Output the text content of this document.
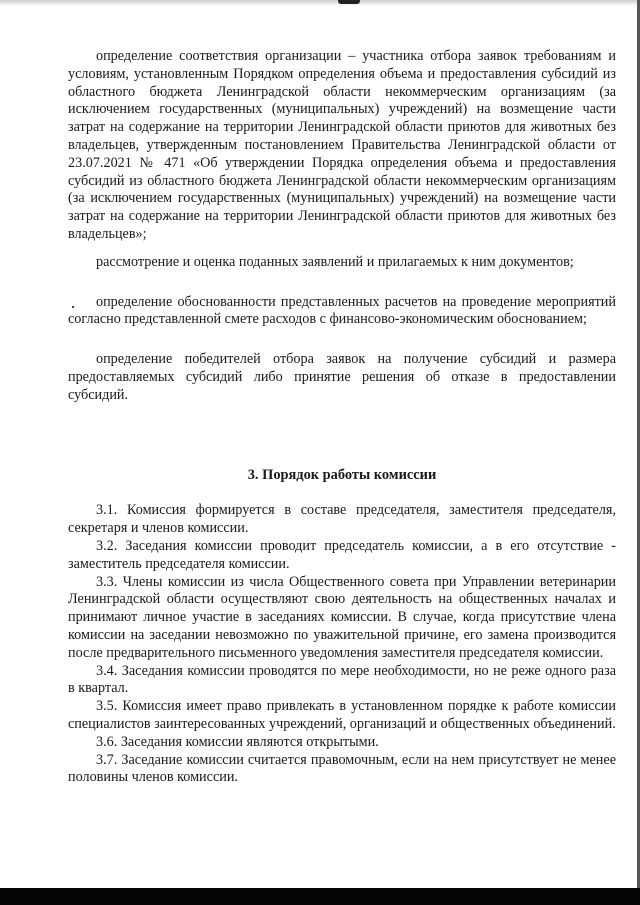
определение соответствия организации – участника отбора заявок требованиям и условиям, установленным Порядком определения объема и предоставления субсидий из областного бюджета Ленинградской области некоммерческим организациям (за исключением государственных (муниципальных) учреждений) на возмещение части затрат на содержание на территории Ленинградской области приютов для животных без владельцев, утвержденным постановлением Правительства Ленинградской области от 23.07.2021 № 471 «Об утверждении Порядка определения объема и предоставления субсидий из областного бюджета Ленинградской области некоммерческим организациям (за исключением государственных (муниципальных) учреждений) на возмещение части затрат на содержание на территории Ленинградской области приютов для животных без владельцев»;

рассмотрение и оценка поданных заявлений и прилагаемых к ним документов;

определение обоснованности представленных расчетов на проведение мероприятий согласно представленной смете расходов с финансово-экономическим обоснованием;

определение победителей отбора заявок на получение субсидий и размера предоставляемых субсидий либо принятие решения об отказе в предоставлении субсидий.

3. Порядок работы комиссии

3.1. Комиссия формируется в составе председателя, заместителя председателя, секретаря и членов комиссии.

3.2. Заседания комиссии проводит председатель комиссии, а в его отсутствие - заместитель председателя комиссии.

3.3. Члены комиссии из числа Общественного совета при Управлении ветеринарии Ленинградской области осуществляют свою деятельность на общественных началах и принимают личное участие в заседаниях комиссии. В случае, когда присутствие члена комиссии на заседании невозможно по уважительной причине, его замена производится после предварительного письменного уведомления заместителя председателя комиссии.

3.4. Заседания комиссии проводятся по мере необходимости, но не реже одного раза в квартал.

3.5. Комиссия имеет право привлекать в установленном порядке к работе комиссии специалистов заинтересованных учреждений, организаций и общественных объединений.

3.6. Заседания комиссии являются открытыми.

3.7. Заседание комиссии считается правомочным, если на нем присутствует не менее половины членов комиссии.
